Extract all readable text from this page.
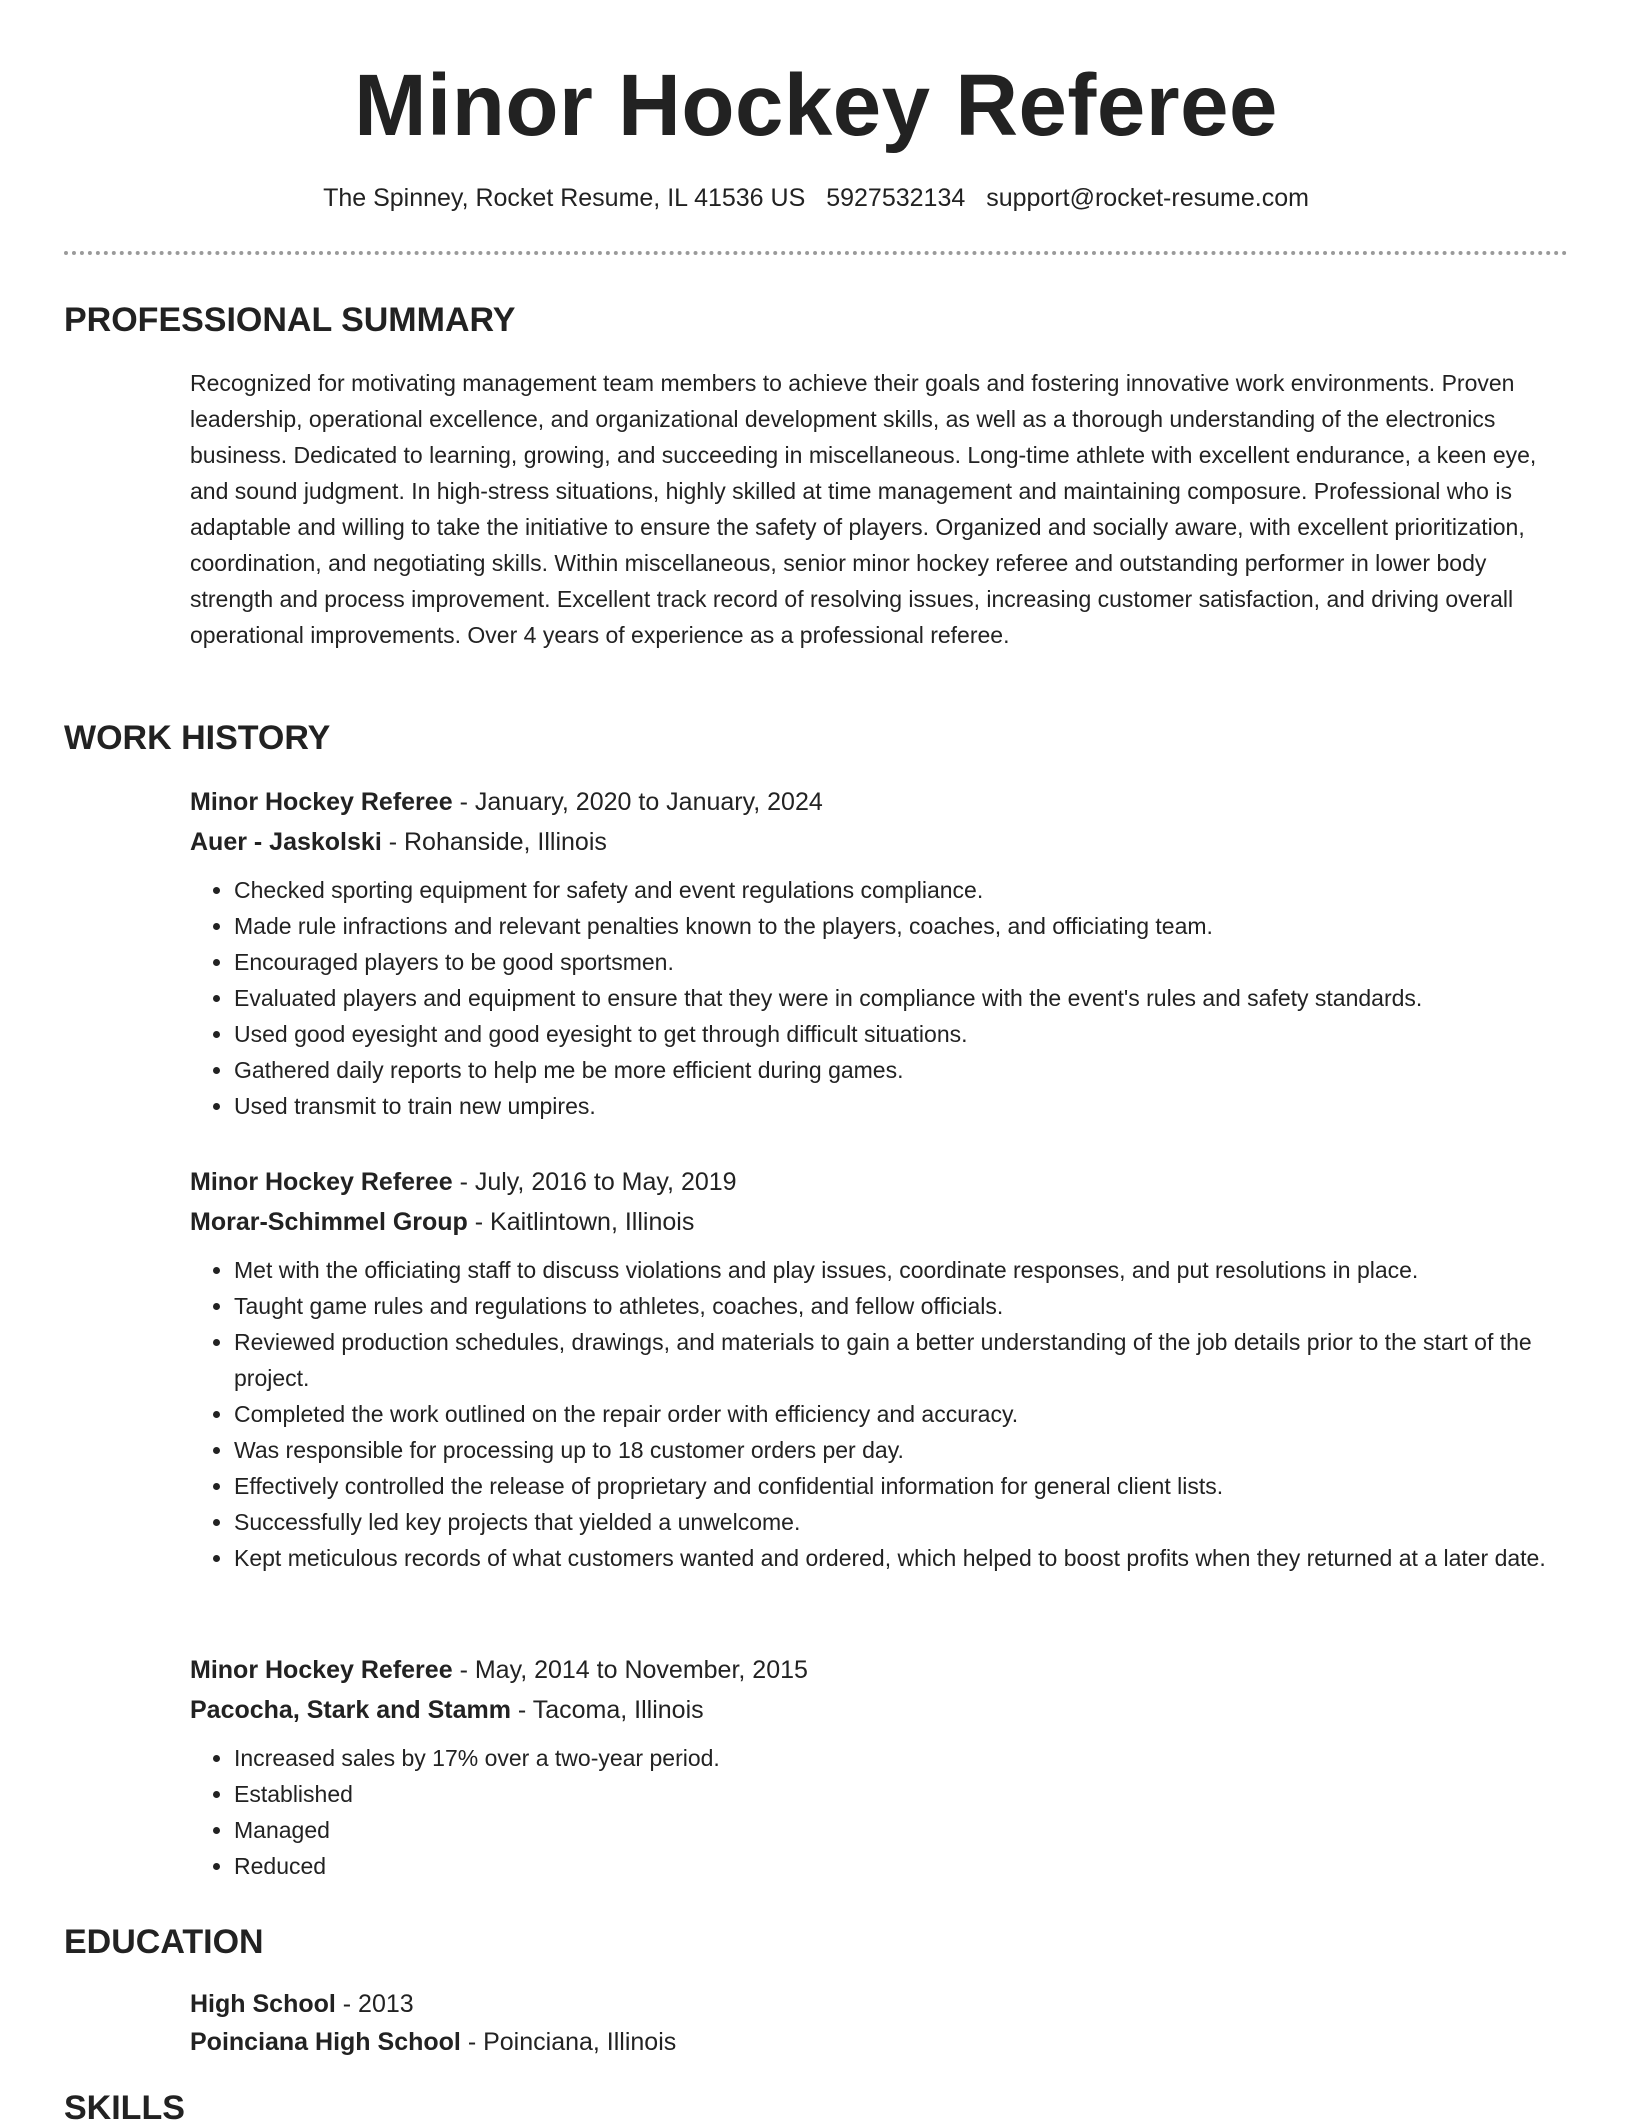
Minor Hockey Referee
The Spinney, Rocket Resume, IL 41536 US 5927532134 support@rocket-resume.com
PROFESSIONAL SUMMARY

Recognized for motivating management team members to achieve their goals and fostering innovative work environments. Proven leadership, operational excellence, and organizational development skills, as well as a thorough understanding of the electronics business. Dedicated to learning, growing, and succeeding in miscellaneous. Long-time athlete with excellent endurance, a keen eye, and sound judgment. In high-stress situations, highly skilled at time management and maintaining composure. Professional who is adaptable and willing to take the initiative to ensure the safety of players. Organized and socially aware, with excellent prioritization, coordination, and negotiating skills. Within miscellaneous, senior minor hockey referee and outstanding performer in lower body strength and process improvement. Excellent track record of resolving issues, increasing customer satisfaction, and driving overall operational improvements. Over 4 years of experience as a professional referee.

WORK HISTORY

Minor Hockey Referee - January, 2020 to January, 2024

Auer - Jaskolski - Rohanside, Illinois

• Checked sporting equipment for safety and event regulations compliance.
• Made rule infractions and relevant penalties known to the players, coaches, and officiating team.
• Encouraged players to be good sportsmen.
• Evaluated players and equipment to ensure that they were in compliance with the event's rules and safety standards.
• Used good eyesight and good eyesight to get through difficult situations.
• Gathered daily reports to help me be more efficient during games.
• Used transmit to train new umpires.

Minor Hockey Referee - July, 2016 to May, 2019

Morar-Schimmel Group - Kaitlintown, Illinois

• Met with the officiating staff to discuss violations and play issues, coordinate responses, and put resolutions in place.
• Taught game rules and regulations to athletes, coaches, and fellow officials.
• Reviewed production schedules, drawings, and materials to gain a better understanding of the job details prior to the start of the project.
• Completed the work outlined on the repair order with efficiency and accuracy.
• Was responsible for processing up to 18 customer orders per day.
• Effectively controlled the release of proprietary and confidential information for general client lists.
• Successfully led key projects that yielded a unwelcome.
• Kept meticulous records of what customers wanted and ordered, which helped to boost profits when they returned at a later date.

Minor Hockey Referee - May, 2014 to November, 2015

Pacocha, Stark and Stamm - Tacoma, Illinois

• Increased sales by 17% over a two-year period.
• Established
• Managed
• Reduced
EDUCATION

High School - 2013

Poinciana High School - Poinciana, Illinois

SKILLS
